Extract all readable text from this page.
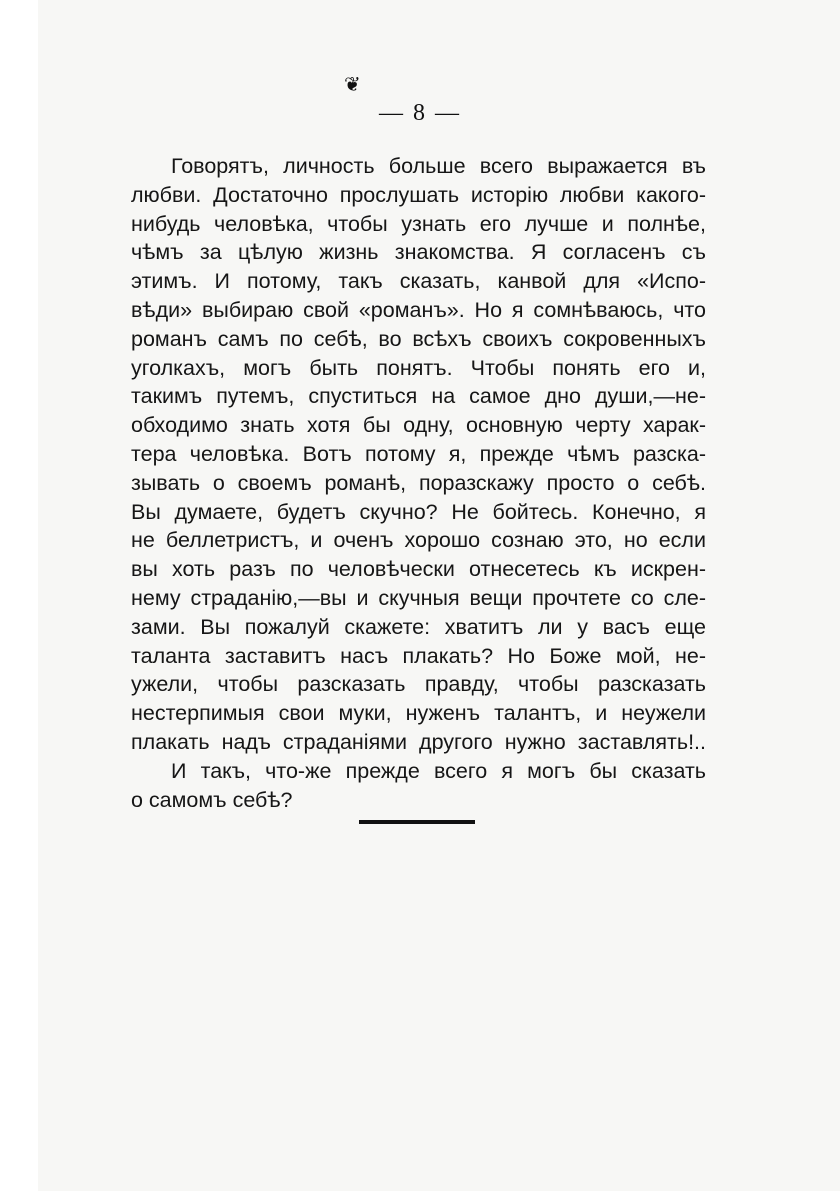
❦
— 8 —
Говорятъ, личность больше всего выражается въ
любви. Достаточно прослушать исторію любви какого-
нибудь человѣка, чтобы узнать его лучше и полнѣе,
чѣмъ за цѣлую жизнь знакомства. Я согласенъ съ
этимъ. И потому, такъ сказать, канвой для «Испо-
вѣди» выбираю свой «романъ». Но я сомнѣваюсь, что
романъ самъ по себѣ, во всѣхъ своихъ сокровенныхъ
уголкахъ, могъ быть понятъ. Чтобы понять его и,
такимъ путемъ, спуститься на самое дно души,—не-
обходимо знать хотя бы одну, основную черту харак-
тера человѣка. Вотъ потому я, прежде чѣмъ разска-
зывать о своемъ романѣ, поразскажу просто о себѣ.
Вы думаете, будетъ скучно? Не бойтесь. Конечно, я
не беллетристъ, и оченъ хорошо сознаю это, но если
вы хоть разъ по человѣчески отнесетесь къ искрен-
нему страданію,—вы и скучныя вещи прочтете со сле-
зами. Вы пожалуй скажете: хватитъ ли у васъ еще
таланта заставитъ насъ плакать? Но Боже мой, не-
ужели, чтобы разсказать правду, чтобы разсказать
нестерпимыя свои муки, нуженъ талантъ, и неужели
плакать надъ страданіями другого нужно заставлять!..
И такъ, что-же прежде всего я могъ бы сказать
о самомъ себѣ?
